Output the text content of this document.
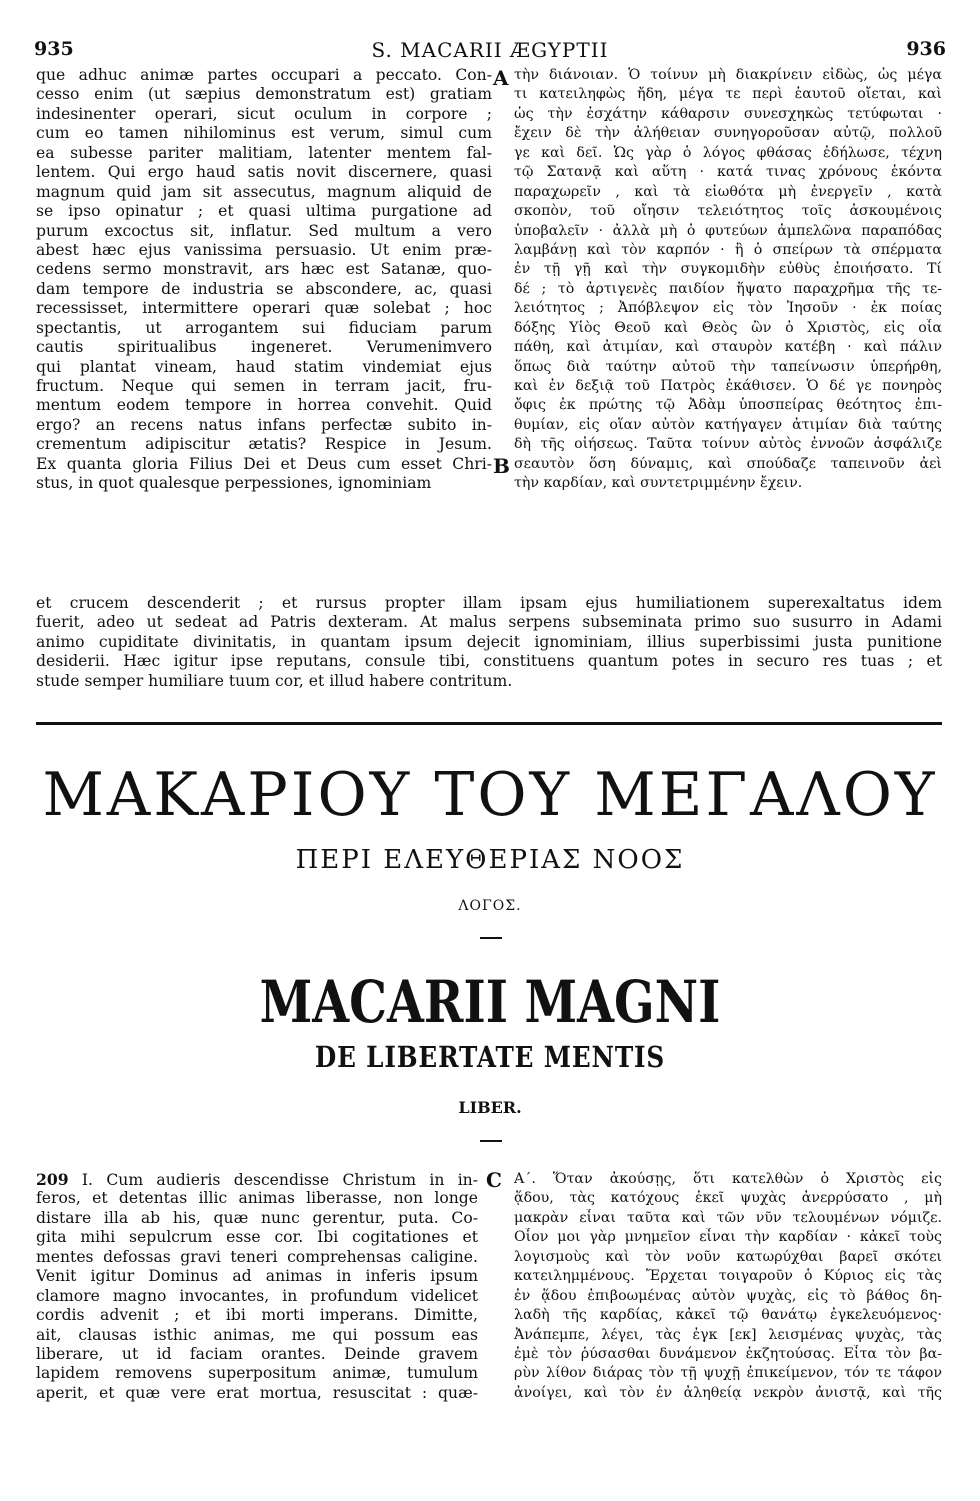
935	S. MACARII ÆGYPTII	936
que adhuc animæ partes occupari a peccato. Con-
cesso enim (ut sæpius demonstratum est) gratiam
indesinenter operari, sicut oculum in corpore ;
cum eo tamen nihilominus est verum, simul cum
ea subesse pariter malitiam, latenter mentem fal-
lentem. Qui ergo haud satis novit discernere, quasi
magnum quid jam sit assecutus, magnum aliquid de
se ipso opinatur ; et quasi ultima purgatione ad
purum excoctus sit, inflatur. Sed multum a vero
abest hæc ejus vanissima persuasio. Ut enim præ-
cedens sermo monstravit, ars hæc est Satanæ, quo-
dam tempore de industria se abscondere, ac, quasi
recessisset, intermittere operari quæ solebat ; hoc
spectantis, ut arrogantem sui fiduciam parum
cautis spiritualibus ingeneret. Verumenimvero
qui plantat vineam, haud statim vindemiat ejus
fructum. Neque qui semen in terram jacit, fru-
mentum eodem tempore in horrea convehit. Quid
ergo? an recens natus infans perfectæ subito in-
crementum adipiscitur ætatis? Respice in Jesum.
Ex quanta gloria Filius Dei et Deus cum esset Chri-
stus, in quot qualesque perpessiones, ignominiam
τὴν διάνοιαν. Ὁ τοίνυν μὴ διακρίνειν εἰδὼς, ὡς μέγα
τι κατειληφὼς ἤδη, μέγα τε περὶ ἑαυτοῦ οἴεται, καὶ
ὡς τὴν ἐσχάτην κάθαρσιν συνεσχηκὼς τετύφωται ·
ἔχειν δὲ τὴν ἀλήθειαν συνηγοροῦσαν αὐτῷ, πολλοῦ
γε καὶ δεῖ. Ὡς γὰρ ὁ λόγος φθάσας ἐδήλωσε, τέχνη
τῷ Σατανᾷ καὶ αὕτη · κατά τινας χρόνους ἑκόντα
παραχωρεῖν , καὶ τὰ εἰωθότα μὴ ἐνεργεῖν , κατὰ
σκοπὸν, τοῦ οἴησιν τελειότητος τοῖς ἀσκουμένοις
ὑποβαλεῖν · ἀλλὰ μὴ ὁ φυτεύων ἀμπελῶνα παραπόδας
λαμβάνῃ καὶ τὸν καρπόν · ἢ ὁ σπείρων τὰ σπέρματα
ἐν τῇ γῇ καὶ τὴν συγκομιδὴν εὐθὺς ἐποιήσατο. Τί
δέ ; τὸ ἀρτιγενὲς παιδίον ἥψατο παραχρῆμα τῆς τε-
λειότητος ; Ἀπόβλεψον εἰς τὸν Ἰησοῦν · ἐκ ποίας
δόξης Υἱὸς Θεοῦ καὶ Θεὸς ὢν ὁ Χριστὸς, εἰς οἷα
πάθη, καὶ ἀτιμίαν, καὶ σταυρὸν κατέβη · καὶ πάλιν
ὅπως διὰ ταύτην αὐτοῦ τὴν ταπείνωσιν ὑπερήρθη,
καὶ ἐν δεξιᾷ τοῦ Πατρὸς ἐκάθισεν. Ὁ δέ γε πονηρὸς
ὄφις ἐκ πρώτης τῷ Ἀδὰμ ὑποσπείρας θεότητος ἐπι-
θυμίαν, εἰς οἵαν αὐτὸν κατήγαγεν ἀτιμίαν διὰ ταύτης
δὴ τῆς οἰήσεως. Ταῦτα τοίνυν αὐτὸς ἐννοῶν ἀσφάλιζε
σεαυτὸν ὅση δύναμις, καὶ σπούδαζε ταπεινοῦν ἀεὶ
τὴν καρδίαν, καὶ συντετριμμένην ἔχειν.
A
B
et crucem descenderit ; et rursus propter illam ipsam ejus humiliationem superexaltatus idem
fuerit, adeo ut sedeat ad Patris dexteram. At malus serpens subseminata primo suo susurro in Adami
animo cupiditate divinitatis, in quantam ipsum dejecit ignominiam, illius superbissimi justa punitione
desiderii. Hæc igitur ipse reputans, consule tibi, constituens quantum potes in securo res tuas ; et
stude semper humiliare tuum cor, et illud habere contritum.
ΜΑΚΑΡΙΟΥ ΤΟΥ ΜΕΓΑΛΟΥ
ΠΕΡΙ ΕΛΕΥΘΕΡΙΑΣ ΝΟΟΣ
ΛΟΓΟΣ.
MACARII MAGNI
DE LIBERTATE MENTIS
LIBER.
209 I. Cum audieris descendisse Christum in in-
feros, et detentas illic animas liberasse, non longe
distare illa ab his, quæ nunc gerentur, puta. Co-
gita mihi sepulcrum esse cor. Ibi cogitationes et
mentes defossas gravi teneri comprehensas caligine.
Venit igitur Dominus ad animas in inferis ipsum
clamore magno invocantes, in profundum videlicet
cordis advenit ; et ibi morti imperans. Dimitte,
ait, clausas isthic animas, me qui possum eas
liberare, ut id faciam orantes. Deinde gravem
lapidem removens superpositum animæ, tumulum
aperit, et quæ vere erat mortua, resuscitat : quæ-
Α΄. Ὅταν ἀκούσῃς, ὅτι κατελθὼν ὁ Χριστὸς εἰς
ᾅδου, τὰς κατόχους ἐκεῖ ψυχὰς ἀνερρύσατο , μὴ
μακρὰν εἶναι ταῦτα καὶ τῶν νῦν τελουμένων νόμιζε.
Οἷον μοι γὰρ μνημεῖον εἶναι τὴν καρδίαν · κἀκεῖ τοὺς
λογισμοὺς καὶ τὸν νοῦν κατωρύχθαι βαρεῖ σκότει
κατειλημμένους. Ἔρχεται τοιγαροῦν ὁ Κύριος εἰς τὰς
ἐν ᾅδου ἐπιβοωμένας αὐτὸν ψυχὰς, εἰς τὸ βάθος δη-
λαδὴ τῆς καρδίας, κἀκεῖ τῷ θανάτῳ ἐγκελευόμενος·
Ἀνάπεμπε, λέγει, τὰς ἐγκ [εκ] λεισμένας ψυχὰς, τὰς
ἐμὲ τὸν ῥύσασθαι δυνάμενον ἐκζητούσας. Εἶτα τὸν βα-
ρὺν λίθον διάρας τὸν τῇ ψυχῇ ἐπικείμενον, τόν τε τάφον
ἀνοίγει, καὶ τὸν ἐν ἀληθείᾳ νεκρὸν ἀνιστᾷ, καὶ τῆς
C
